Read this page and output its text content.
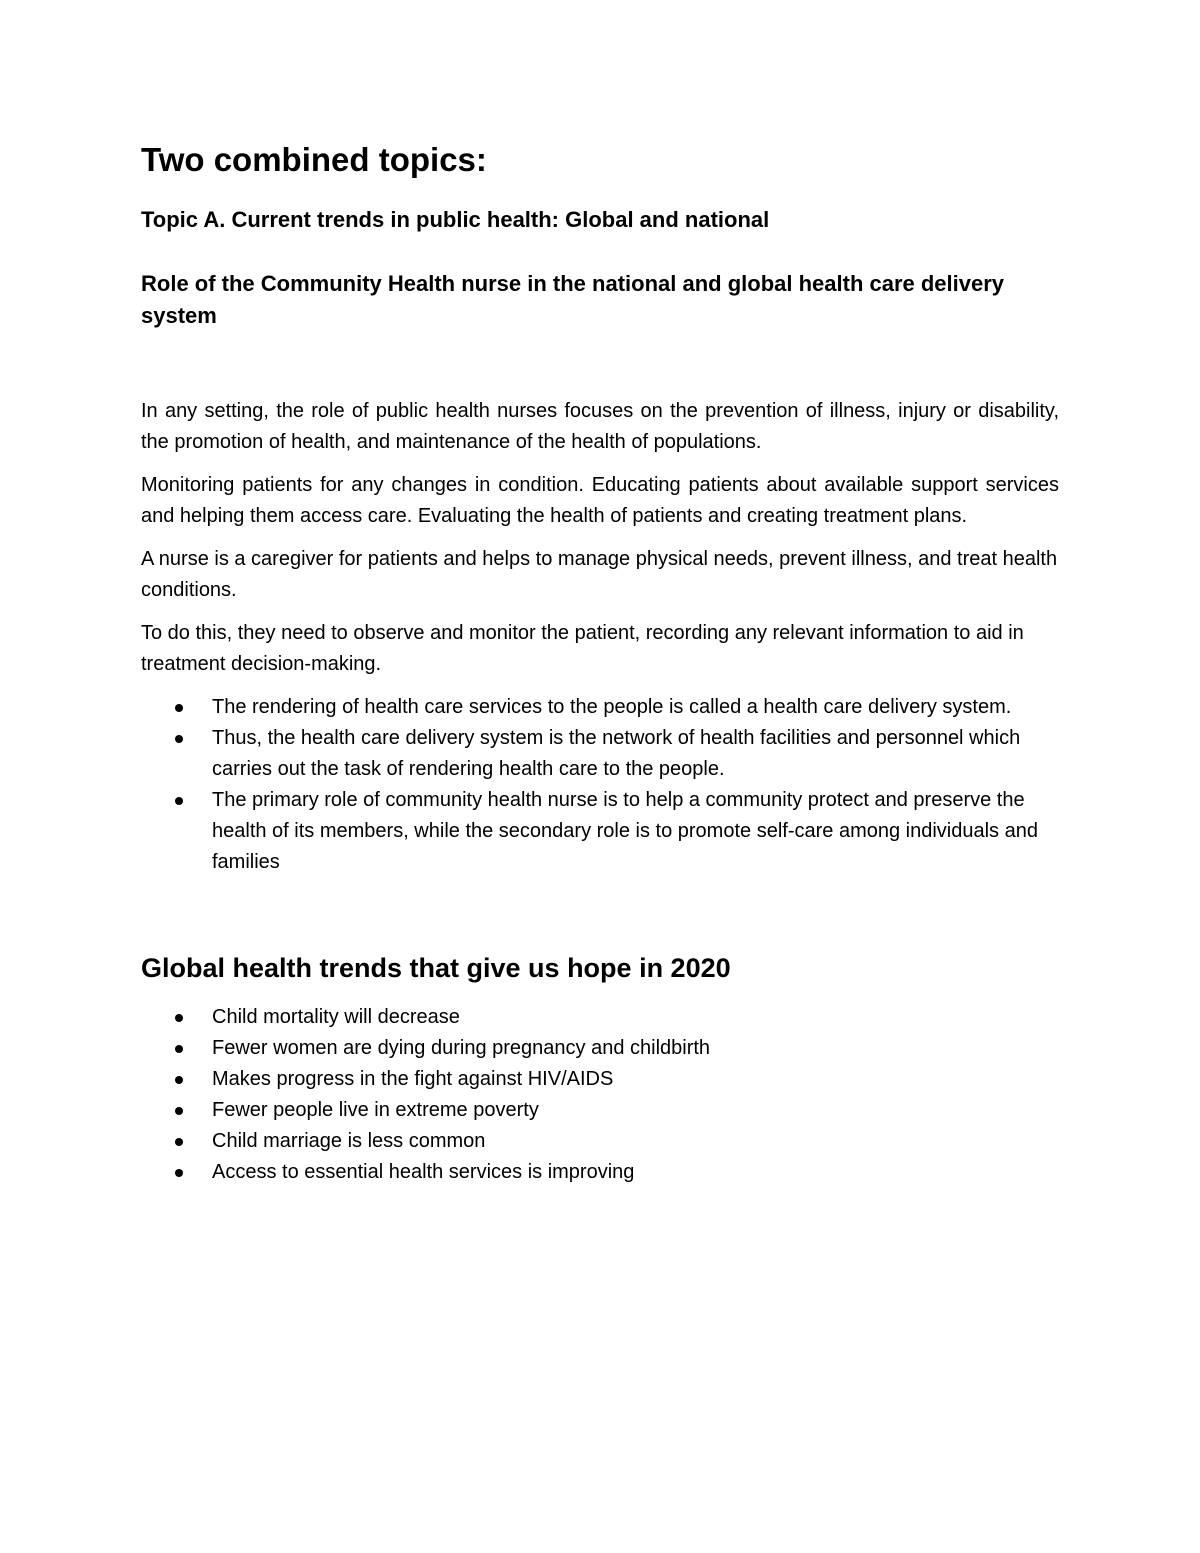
Two combined topics:
Topic A. Current trends in public health: Global and national
Role of the Community Health nurse in the national and global health care delivery system

In any setting, the role of public health nurses focuses on the prevention of illness, injury or disability, the promotion of health, and maintenance of the health of populations.

Monitoring patients for any changes in condition. Educating patients about available support services and helping them access care. Evaluating the health of patients and creating treatment plans.

A nurse is a caregiver for patients and helps to manage physical needs, prevent illness, and treat health conditions.

To do this, they need to observe and monitor the patient, recording any relevant information to aid in treatment decision-making.

The rendering of health care services to the people is called a health care delivery system.
Thus, the health care delivery system is the network of health facilities and personnel which carries out the task of rendering health care to the people.
The primary role of community health nurse is to help a community protect and preserve the health of its members, while the secondary role is to promote self-care among individuals and families
Global health trends that give us hope in 2020
Child mortality will decrease
Fewer women are dying during pregnancy and childbirth
Makes progress in the fight against HIV/AIDS
Fewer people live in extreme poverty
Child marriage is less common
Access to essential health services is improving
